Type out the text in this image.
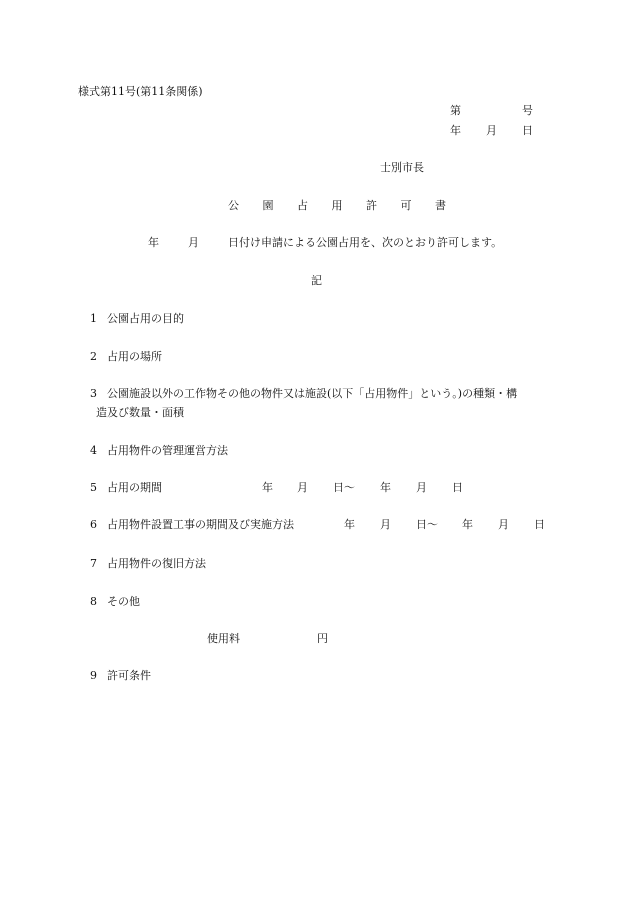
様式第11号(第11条関係)
第	号
年 月 日
士別市長
公 園 占 用 許 可 書
年	月	日付け申請による公園占用を、次のとおり許可します。
記
1 公園占用の目的
2 占用の場所
3 公園施設以外の工作物その他の物件又は施設(以下「占用物件」という。)の種類・構
造及び数量・面積
4 占用物件の管理運営方法
5 占用の期間	年 月 日〜 年 月 日
6 占用物件設置工事の期間及び実施方法	年 月 日〜 年 月 日
7 占用物件の復旧方法
8 その他
使用料	円
9 許可条件
